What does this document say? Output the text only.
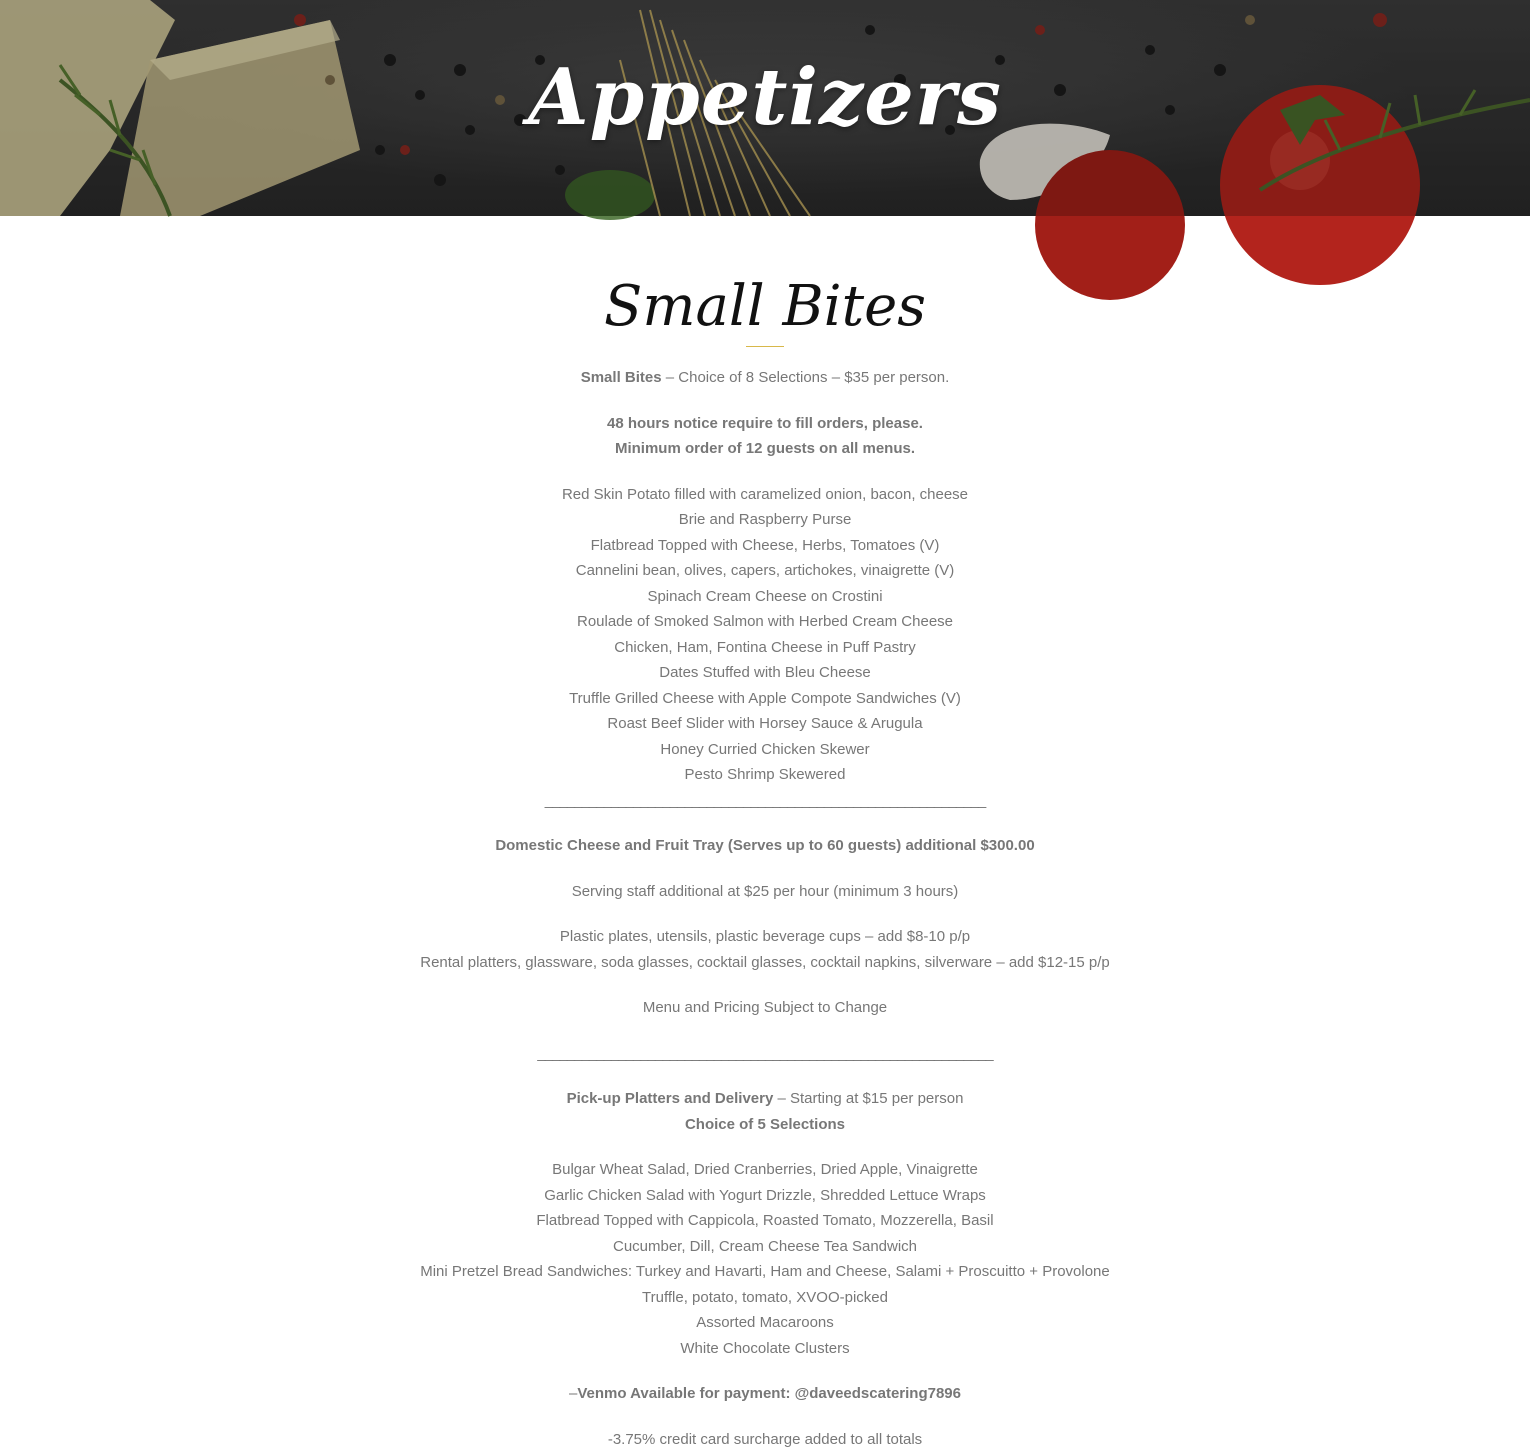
Appetizers
Small Bites

Small Bites – Choice of 8 Selections – $35 per person.

48 hours notice require to fill orders, please.

Minimum order of 12 guests on all menus.

Red Skin Potato filled with caramelized onion, bacon, cheese

Brie and Raspberry Purse

Flatbread Topped with Cheese, Herbs, Tomatoes (V)

Cannelini bean, olives, capers, artichokes, vinaigrette (V)

Spinach Cream Cheese on Crostini

Roulade of Smoked Salmon with Herbed Cream Cheese

Chicken, Ham, Fontina Cheese in Puff Pastry

Dates Stuffed with Bleu Cheese

Truffle Grilled Cheese with Apple Compote Sandwiches (V)

Roast Beef Slider with Horsey Sauce & Arugula

Honey Curried Chicken Skewer

Pesto Shrimp Skewered

____________________________________________________________

Domestic Cheese and Fruit Tray (Serves up to 60 guests) additional $300.00

Serving staff additional at $25 per hour (minimum 3 hours)

Plastic plates, utensils, plastic beverage cups – add $8-10 p/p

Rental platters, glassware, soda glasses, cocktail glasses, cocktail napkins, silverware – add $12-15 p/p

Menu and Pricing Subject to Change

______________________________________________________________

Pick-up Platters and Delivery – Starting at $15 per person

Choice of 5 Selections

Bulgar Wheat Salad, Dried Cranberries, Dried Apple, Vinaigrette

Garlic Chicken Salad with Yogurt Drizzle, Shredded Lettuce Wraps

Flatbread Topped with Cappicola, Roasted Tomato, Mozzerella, Basil

Cucumber, Dill, Cream Cheese Tea Sandwich

Mini Pretzel Bread Sandwiches: Turkey and Havarti, Ham and Cheese, Salami + Proscuitto + Provolone

Truffle, potato, tomato, XVOO-picked

Assorted Macaroons

White Chocolate Clusters

–Venmo Available for payment: @daveedscatering7896

-3.75% credit card surcharge added to all totals
